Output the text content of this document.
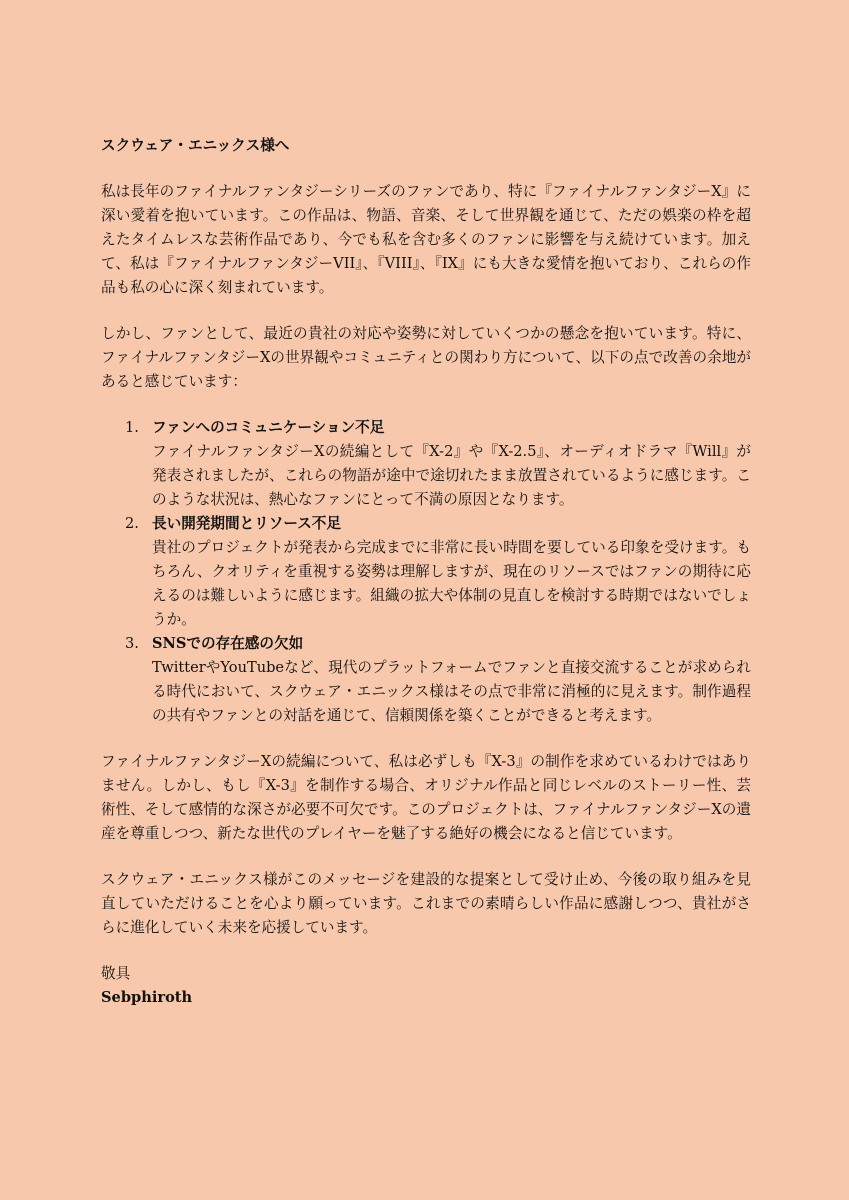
スクウェア・エニックス様へ

私は長年のファイナルファンタジーシリーズのファンであり、特に『ファイナルファンタジーX』に深い愛着を抱いています。この作品は、物語、音楽、そして世界観を通じて、ただの娯楽の枠を超えたタイムレスな芸術作品であり、今でも私を含む多くのファンに影響を与え続けています。加えて、私は『ファイナルファンタジーVII』、『VIII』、『IX』にも大きな愛情を抱いており、これらの作品も私の心に深く刻まれています。

しかし、ファンとして、最近の貴社の対応や姿勢に対していくつかの懸念を抱いています。特に、ファイナルファンタジーXの世界観やコミュニティとの関わり方について、以下の点で改善の余地があると感じています：

1. ファンへのコミュニケーション不足
ファイナルファンタジーXの続編として『X-2』や『X-2.5』、オーディオドラマ『Will』が発表されましたが、これらの物語が途中で途切れたまま放置されているように感じます。このような状況は、熱心なファンにとって不満の原因となります。
2. 長い開発期間とリソース不足
貴社のプロジェクトが発表から完成までに非常に長い時間を要している印象を受けます。もちろん、クオリティを重視する姿勢は理解しますが、現在のリソースではファンの期待に応えるのは難しいように感じます。組織の拡大や体制の見直しを検討する時期ではないでしょうか。
3. SNSでの存在感の欠如
TwitterやYouTubeなど、現代のプラットフォームでファンと直接交流することが求められる時代において、スクウェア・エニックス様はその点で非常に消極的に見えます。制作過程の共有やファンとの対話を通じて、信頼関係を築くことができると考えます。

ファイナルファンタジーXの続編について、私は必ずしも『X-3』の制作を求めているわけではありません。しかし、もし『X-3』を制作する場合、オリジナル作品と同じレベルのストーリー性、芸術性、そして感情的な深さが必要不可欠です。このプロジェクトは、ファイナルファンタジーXの遺産を尊重しつつ、新たな世代のプレイヤーを魅了する絶好の機会になると信じています。

スクウェア・エニックス様がこのメッセージを建設的な提案として受け止め、今後の取り組みを見直していただけることを心より願っています。これまでの素晴らしい作品に感謝しつつ、貴社がさらに進化していく未来を応援しています。

敬具

Sebphiroth
